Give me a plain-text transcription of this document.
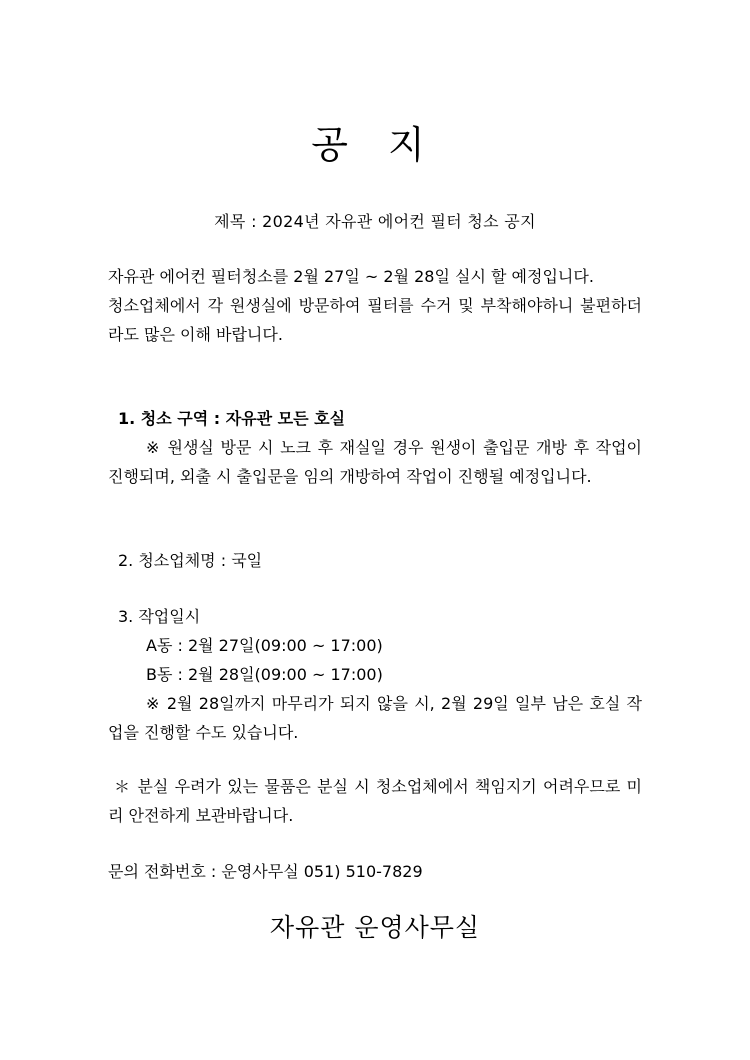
공 지
제목 : 2024년 자유관 에어컨 필터 청소 공지

자유관 에어컨 필터청소를 2월 27일 ~ 2월 28일 실시 할 예정입니다.

청소업체에서 각 원생실에 방문하여 필터를 수거 및 부착해야하니 불편하더라도 많은 이해 바랍니다.

1. 청소 구역 : 자유관 모든 호실

※ 원생실 방문 시 노크 후 재실일 경우 원생이 출입문 개방 후 작업이 진행되며, 외출 시 출입문을 임의 개방하여 작업이 진행될 예정입니다.

2. 청소업체명 : 국일

3. 작업일시

A동 : 2월 27일(09:00 ~ 17:00)

B동 : 2월 28일(09:00 ~ 17:00)

※ 2월 28일까지 마무리가 되지 않을 시, 2월 29일 일부 남은 호실 작업을 진행할 수도 있습니다.

＊ 분실 우려가 있는 물품은 분실 시 청소업체에서 책임지기 어려우므로 미리 안전하게 보관바랍니다.

문의 전화번호 : 운영사무실 051) 510-7829

자유관 운영사무실
